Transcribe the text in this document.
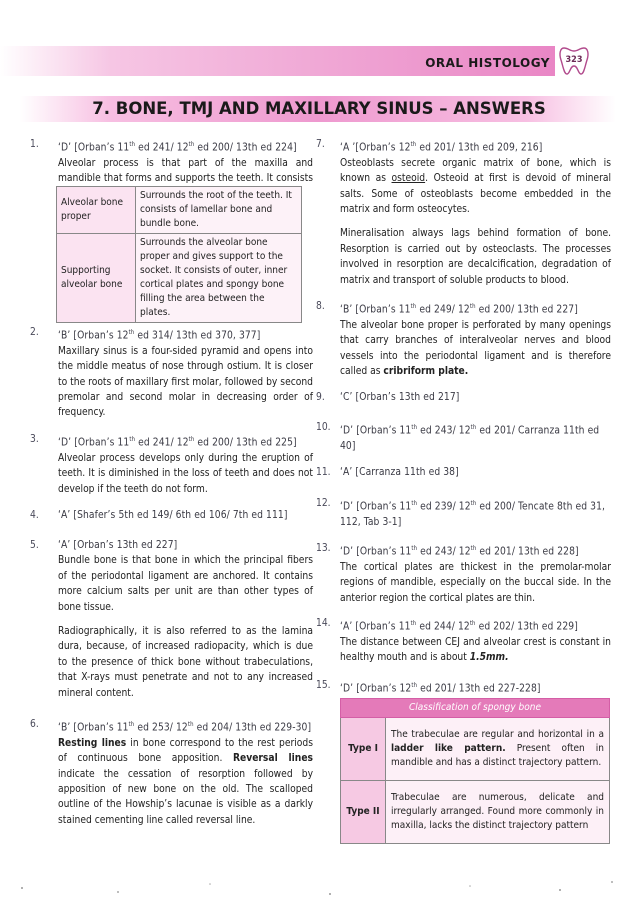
ORAL HISTOLOGY	323
7. BONE, TMJ AND MAXILLARY SINUS – ANSWERS
1. ‘D’ [Orban’s 11th ed 241/ 12th ed 200/ 13th ed 224]

Alveolar process is that part of the maxilla and mandible that forms and supports the teeth. It consists

Alveolar bone proper	Surrounds the root of the teeth. It consists of lamellar bone and bundle bone.
Supporting alveolar bone	Surrounds the alveolar bone proper and gives support to the socket. It consists of outer, inner cortical plates and spongy bone filling the area between the plates.
2. ‘B’ [Orban’s 12th ed 314/ 13th ed 370, 377]

Maxillary sinus is a four-sided pyramid and opens into the middle meatus of nose through ostium. It is closer to the roots of maxillary first molar, followed by second premolar and second molar in decreasing order of frequency.

3. ‘D’ [Orban’s 11th ed 241/ 12th ed 200/ 13th ed 225]

Alveolar process develops only during the eruption of teeth. It is diminished in the loss of teeth and does not develop if the teeth do not form.

4. ‘A’ [Shafer’s 5th ed 149/ 6th ed 106/ 7th ed 111]

5. ‘A’ [Orban’s 13th ed 227]

Bundle bone is that bone in which the principal fibers of the periodontal ligament are anchored. It contains more calcium salts per unit are than other types of bone tissue.

Radiographically, it is also referred to as the lamina dura, because, of increased radiopacity, which is due to the presence of thick bone without trabeculations, that X-rays must penetrate and not to any increased mineral content.

6. ‘B’ [Orban’s 11th ed 253/ 12th ed 204/ 13th ed 229-30]

Resting lines in bone correspond to the rest periods of continuous bone apposition. Reversal lines indicate the cessation of resorption followed by apposition of new bone on the old. The scalloped outline of the Howship’s lacunae is visible as a darkly stained cementing line called reversal line.

7. ‘A ’[Orban’s 12th ed 201/ 13th ed 209, 216]

Osteoblasts secrete organic matrix of bone, which is known as osteoid. Osteoid at first is devoid of mineral salts. Some of osteoblasts become embedded in the matrix and form osteocytes.

Mineralisation always lags behind formation of bone. Resorption is carried out by osteoclasts. The processes involved in resorption are decalcification, degradation of matrix and transport of soluble products to blood.

8. ‘B’ [Orban’s 11th ed 249/ 12th ed 200/ 13th ed 227]

The alveolar bone proper is perforated by many openings that carry branches of interalveolar nerves and blood vessels into the periodontal ligament and is therefore called as cribriform plate.

9. ‘C’ [Orban’s 13th ed 217]

10. ‘D’ [Orban’s 11th ed 243/ 12th ed 201/ Carranza 11th ed 40]

11. ‘A’ [Carranza 11th ed 38]

12. ‘D’ [Orban’s 11th ed 239/ 12th ed 200/ Tencate 8th ed 31, 112, Tab 3-1]

13. ‘D’ [Orban’s 11th ed 243/ 12th ed 201/ 13th ed 228]

The cortical plates are thickest in the premolar-molar regions of mandible, especially on the buccal side. In the anterior region the cortical plates are thin.

14. ‘A’ [Orban’s 11th ed 244/ 12th ed 202/ 13th ed 229]

The distance between CEJ and alveolar crest is constant in healthy mouth and is about 1.5mm.

15. ‘D’ [Orban’s 12th ed 201/ 13th ed 227-228]

Classification of spongy bone	
Type I	The trabeculae are regular and horizontal in a ladder like pattern. Present often in mandible and has a distinct trajectory pattern.
Type II	Trabeculae are numerous, delicate and irregularly arranged. Found more commonly in maxilla, lacks the distinct trajectory pattern
